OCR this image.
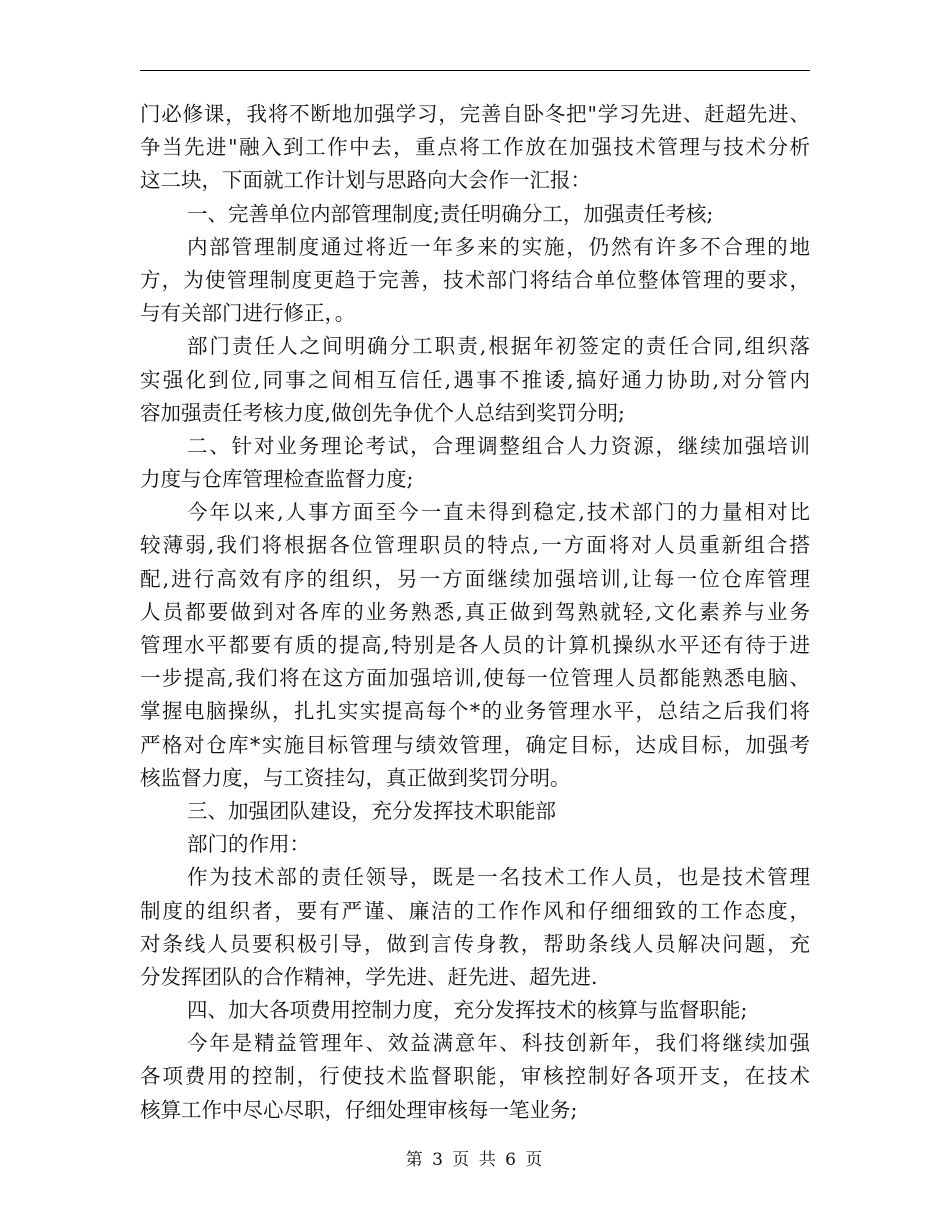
门必修课，我将不断地加强学习，完善自卧冬把"学习先进、赶超先进、
争当先进"融入到工作中去，重点将工作放在加强技术管理与技术分析
这二块，下面就工作计划与思路向大会作一汇报：
一、完善单位内部管理制度;责任明确分工，加强责任考核;
内部管理制度通过将近一年多来的实施，仍然有许多不合理的地
方，为使管理制度更趋于完善，技术部门将结合单位整体管理的要求，
与有关部门进行修正，。
部门责任人之间明确分工职责,根据年初签定的责任合同,组织落
实强化到位,同事之间相互信任,遇事不推诿,搞好通力协助,对分管内
容加强责任考核力度,做创先争优个人总结到奖罚分明;
二、针对业务理论考试，合理调整组合人力资源，继续加强培训
力度与仓库管理检查监督力度;
今年以来,人事方面至今一直未得到稳定,技术部门的力量相对比
较薄弱,我们将根据各位管理职员的特点,一方面将对人员重新组合搭
配,进行高效有序的组织，另一方面继续加强培训,让每一位仓库管理
人员都要做到对各库的业务熟悉,真正做到驾熟就轻,文化素养与业务
管理水平都要有质的提高,特别是各人员的计算机操纵水平还有待于进
一步提高,我们将在这方面加强培训,使每一位管理人员都能熟悉电脑、
掌握电脑操纵，扎扎实实提高每个*的业务管理水平，总结之后我们将
严格对仓库*实施目标管理与绩效管理，确定目标，达成目标，加强考
核监督力度，与工资挂勾，真正做到奖罚分明。
三、加强团队建设，充分发挥技术职能部
部门的作用：
作为技术部的责任领导，既是一名技术工作人员，也是技术管理
制度的组织者，要有严谨、廉洁的工作作风和仔细细致的工作态度，
对条线人员要积极引导，做到言传身教，帮助条线人员解决问题，充
分发挥团队的合作精神，学先进、赶先进、超先进.
四、加大各项费用控制力度，充分发挥技术的核算与监督职能;
今年是精益管理年、效益满意年、科技创新年，我们将继续加强
各项费用的控制，行使技术监督职能，审核控制好各项开支，在技术
核算工作中尽心尽职，仔细处理审核每一笔业务;
第 3 页 共 6 页
